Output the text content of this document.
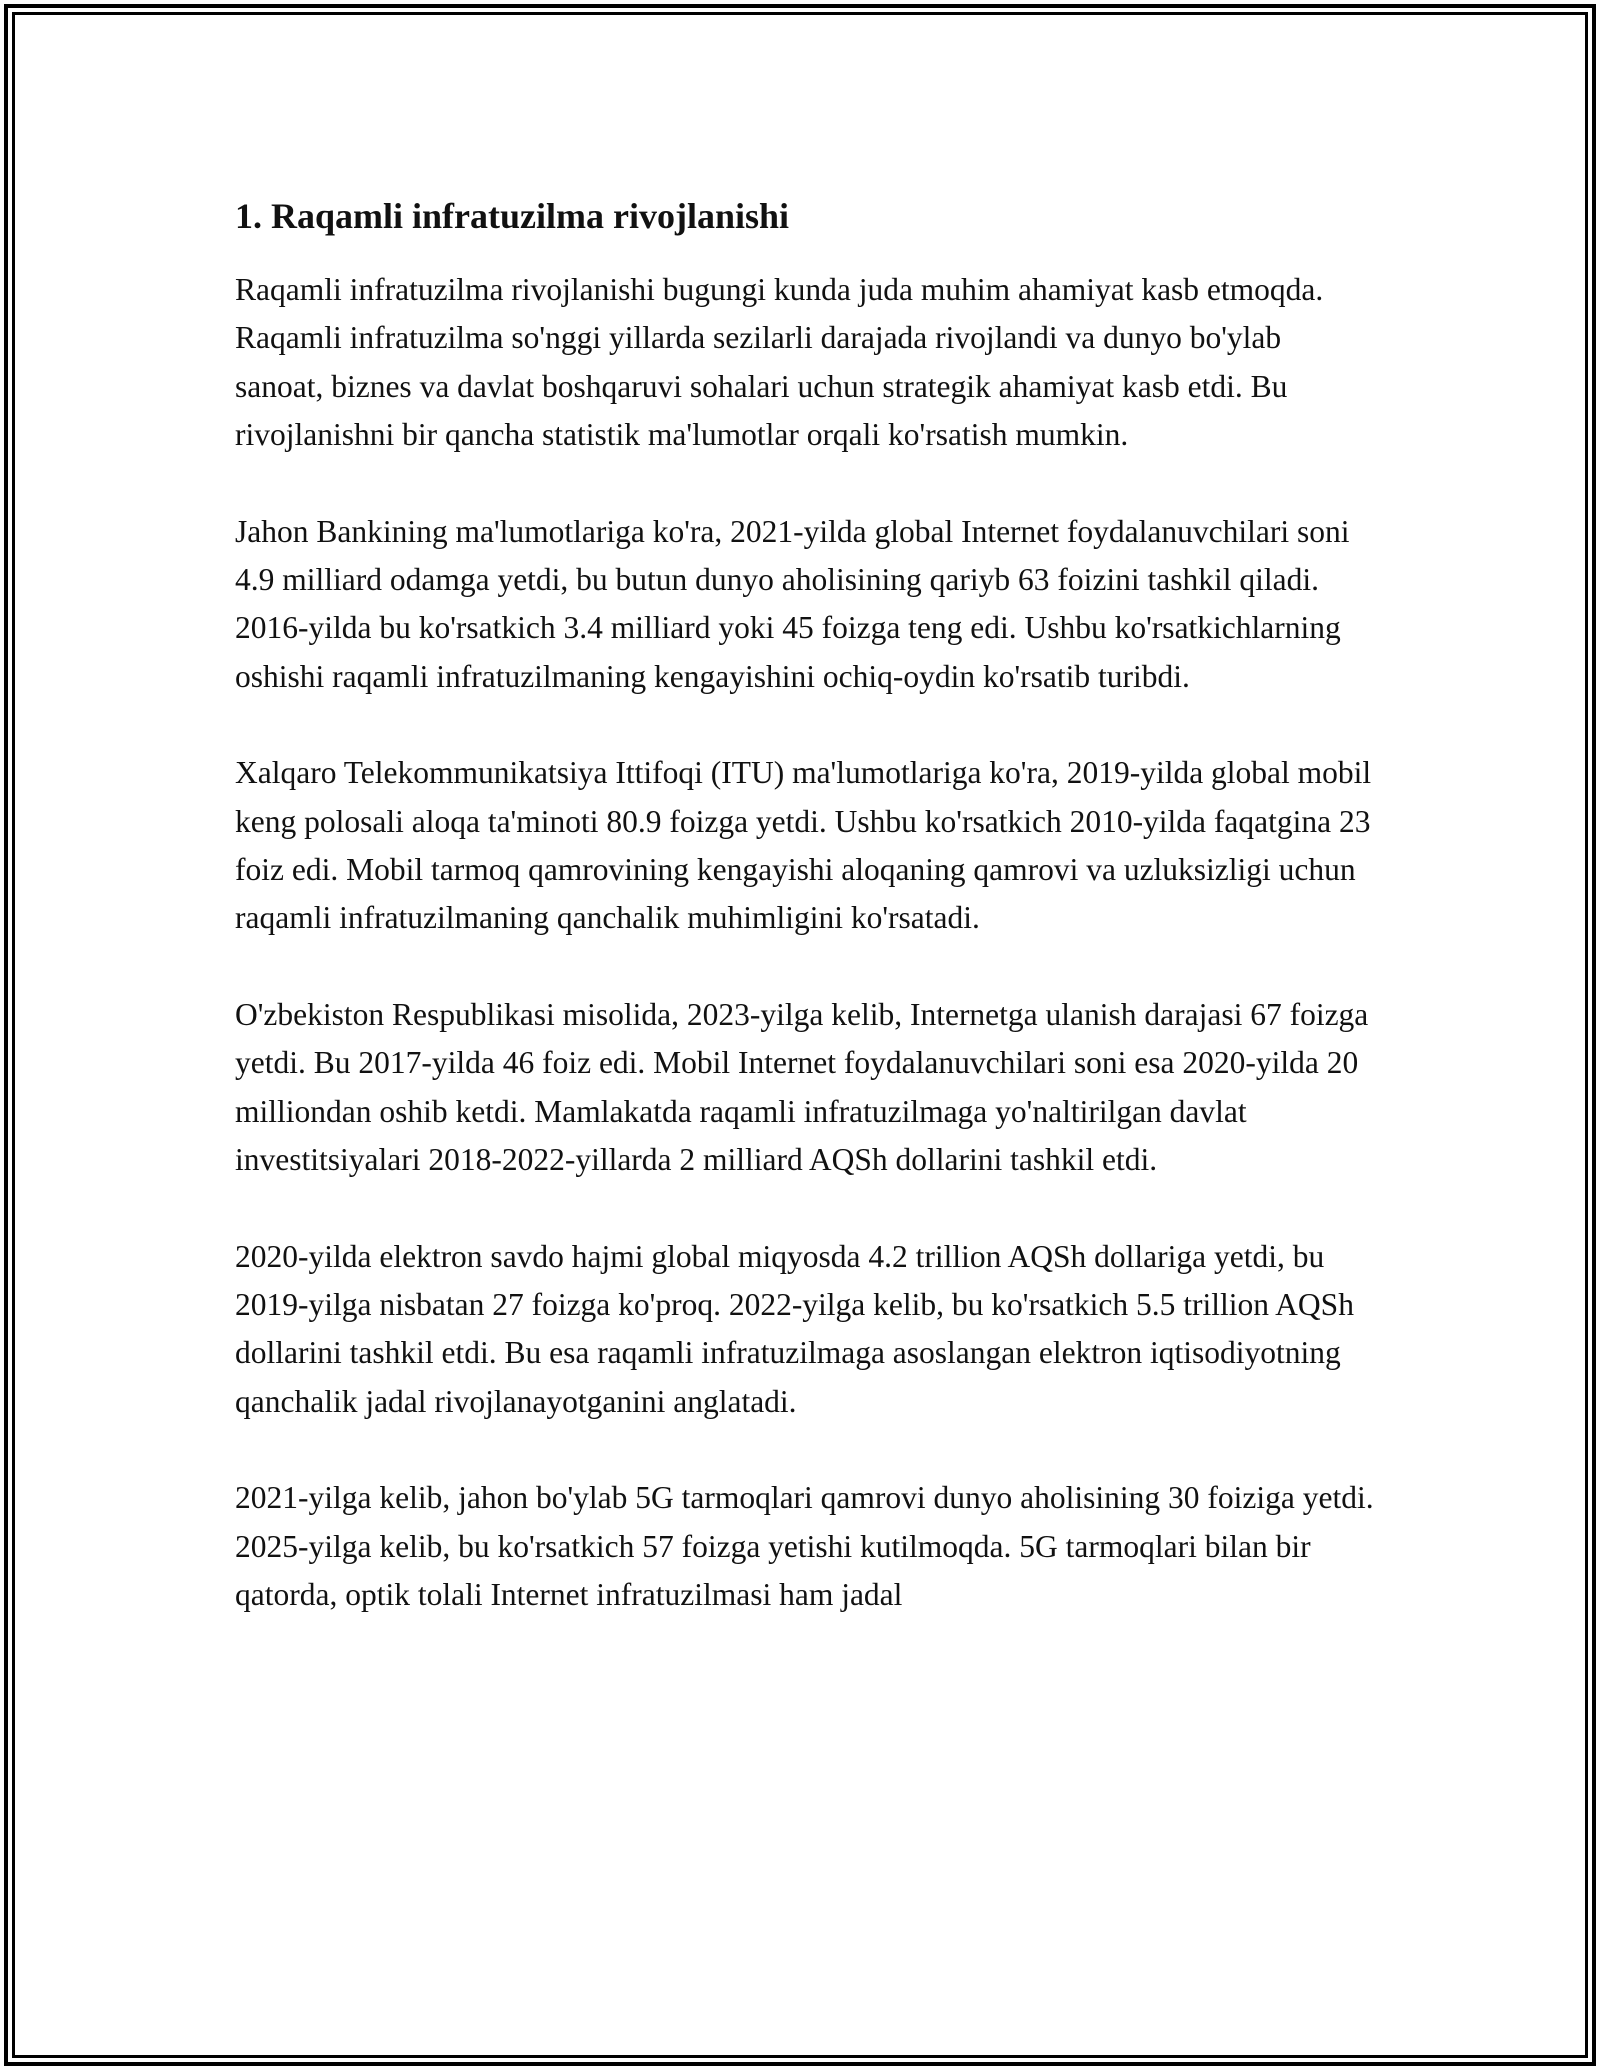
1. Raqamli infratuzilma rivojlanishi

Raqamli infratuzilma rivojlanishi bugungi kunda juda muhim ahamiyat kasb etmoqda. Raqamli infratuzilma so'nggi yillarda sezilarli darajada rivojlandi va dunyo bo'ylab sanoat, biznes va davlat boshqaruvi sohalari uchun strategik ahamiyat kasb etdi. Bu rivojlanishni bir qancha statistik ma'lumotlar orqali ko'rsatish mumkin.

Jahon Bankining ma'lumotlariga ko'ra, 2021-yilda global Internet foydalanuvchilari soni 4.9 milliard odamga yetdi, bu butun dunyo aholisining qariyb 63 foizini tashkil qiladi. 2016-yilda bu ko'rsatkich 3.4 milliard yoki 45 foizga teng edi. Ushbu ko'rsatkichlarning oshishi raqamli infratuzilmaning kengayishini ochiq-oydin ko'rsatib turibdi.

Xalqaro Telekommunikatsiya Ittifoqi (ITU) ma'lumotlariga ko'ra, 2019-yilda global mobil keng polosali aloqa ta'minoti 80.9 foizga yetdi. Ushbu ko'rsatkich 2010-yilda faqatgina 23 foiz edi. Mobil tarmoq qamrovining kengayishi aloqaning qamrovi va uzluksizligi uchun raqamli infratuzilmaning qanchalik muhimligini ko'rsatadi.

O'zbekiston Respublikasi misolida, 2023-yilga kelib, Internetga ulanish darajasi 67 foizga yetdi. Bu 2017-yilda 46 foiz edi. Mobil Internet foydalanuvchilari soni esa 2020-yilda 20 milliondan oshib ketdi. Mamlakatda raqamli infratuzilmaga yo'naltirilgan davlat investitsiyalari 2018-2022-yillarda 2 milliard AQSh dollarini tashkil etdi.

2020-yilda elektron savdo hajmi global miqyosda 4.2 trillion AQSh dollariga yetdi, bu 2019-yilga nisbatan 27 foizga ko'proq. 2022-yilga kelib, bu ko'rsatkich 5.5 trillion AQSh dollarini tashkil etdi. Bu esa raqamli infratuzilmaga asoslangan elektron iqtisodiyotning qanchalik jadal rivojlanayotganini anglatadi.

2021-yilga kelib, jahon bo'ylab 5G tarmoqlari qamrovi dunyo aholisining 30 foiziga yetdi. 2025-yilga kelib, bu ko'rsatkich 57 foizga yetishi kutilmoqda. 5G tarmoqlari bilan bir qatorda, optik tolali Internet infratuzilmasi ham jadal
